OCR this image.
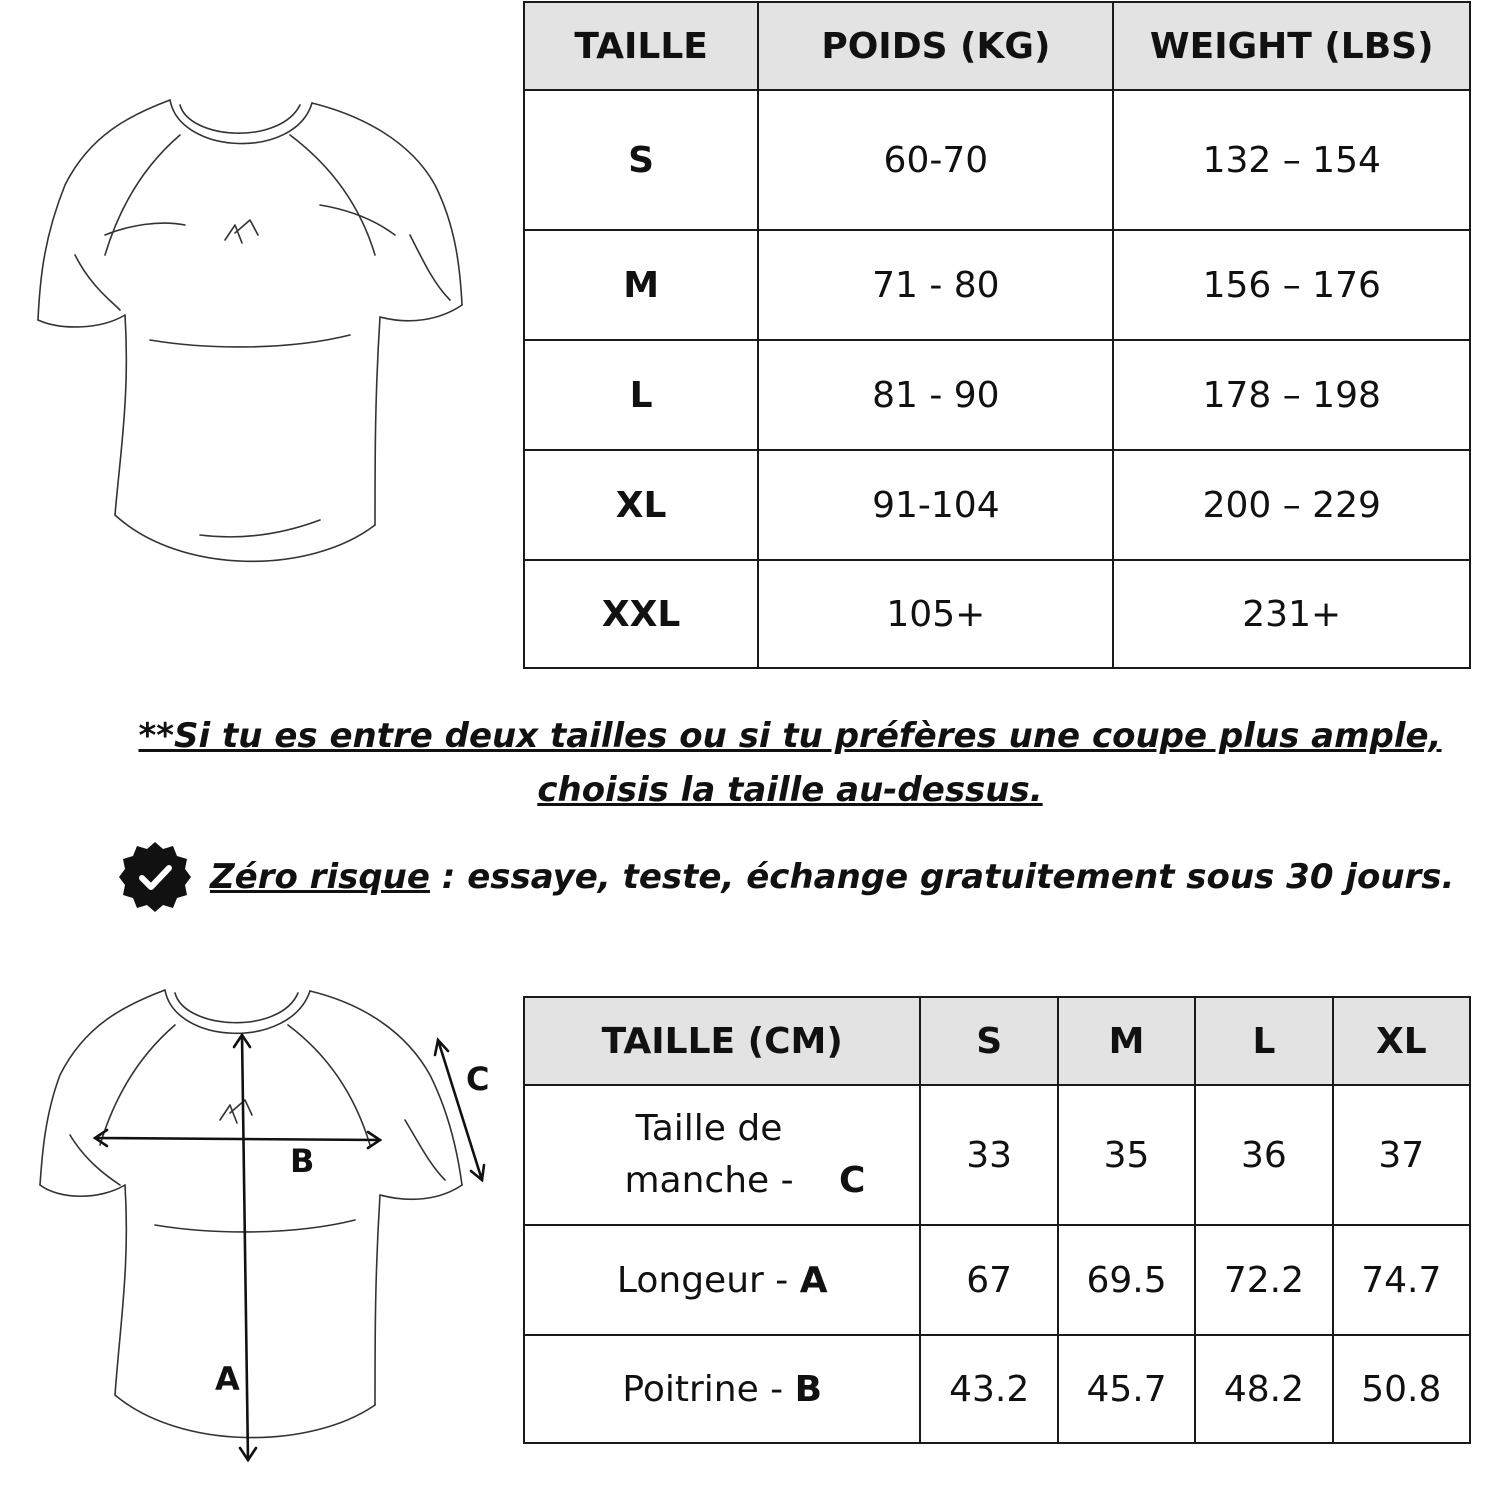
TAILLE	POIDS (KG)	WEIGHT (LBS)
S	60-70	132 – 154
M	71 - 80	156 – 176
L	81 - 90	178 – 198
XL	91-104	200 – 229
XXL	105+	231+
**Si tu es entre deux tailles ou si tu préfères une coupe plus ample,
choisis la taille au-dessus.
Zéro risque : essaye, teste, échange gratuitement sous 30 jours.
A
B
C
TAILLE (CM)	S	M	L	XL
Taille de manche -C	33	35	36	37
Longeur - A	67	69.5	72.2	74.7
Poitrine - B	43.2	45.7	48.2	50.8
